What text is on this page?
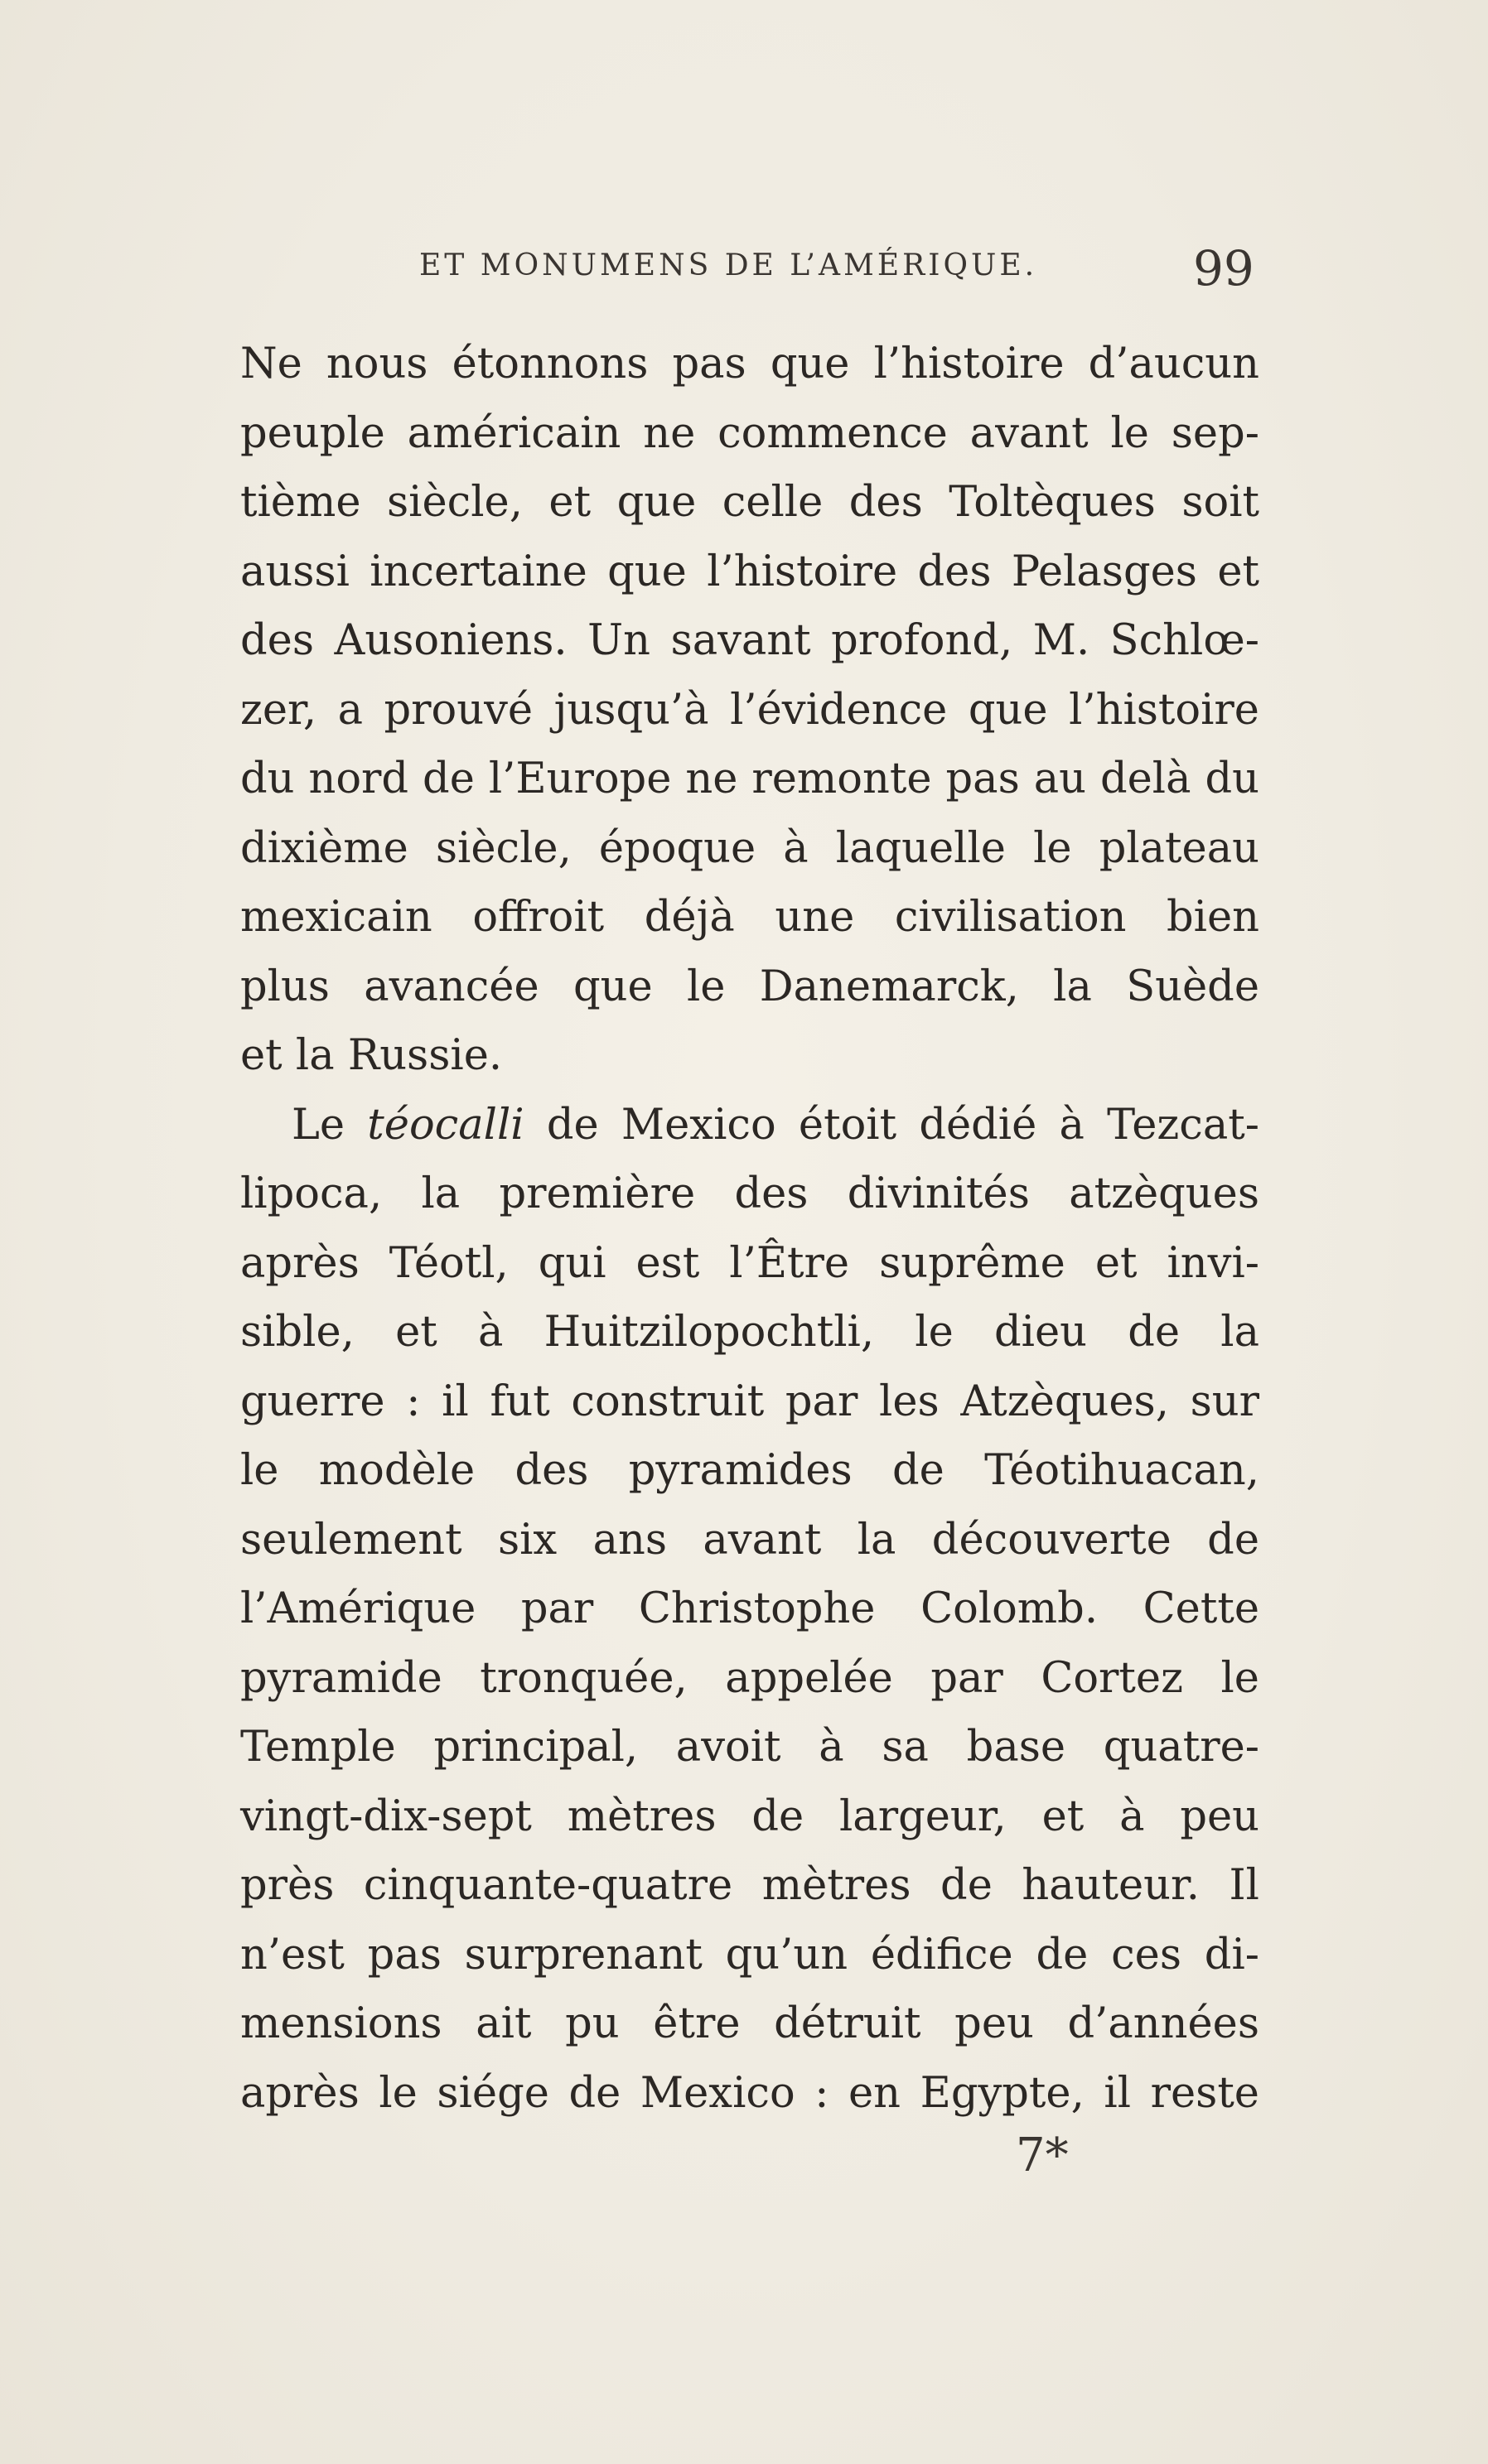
ET MONUMENS DE L’AMÉRIQUE.	99
Ne nous étonnons pas que l’histoire d’aucun
peuple américain ne commence avant le sep-
tième siècle, et que celle des Toltèques soit
aussi incertaine que l’histoire des Pelasges et
des Ausoniens. Un savant profond, M. Schlœ-
zer, a prouvé jusqu’à l’évidence que l’histoire
du nord de l’Europe ne remonte pas au delà du
dixième siècle, époque à laquelle le plateau
mexicain offroit déjà une civilisation bien
plus avancée que le Danemarck, la Suède
et la Russie.
Le téocalli de Mexico étoit dédié à Tezcat-
lipoca, la première des divinités atzèques
après Téotl, qui est l’Être suprême et invi-
sible, et à Huitzilopochtli, le dieu de la
guerre : il fut construit par les Atzèques, sur
le modèle des pyramides de Téotihuacan,
seulement six ans avant la découverte de
l’Amérique par Christophe Colomb. Cette
pyramide tronquée, appelée par Cortez le
Temple principal, avoit à sa base quatre-
vingt-dix-sept mètres de largeur, et à peu
près cinquante-quatre mètres de hauteur. Il
n’est pas surprenant qu’un édifice de ces di-
mensions ait pu être détruit peu d’années
après le siége de Mexico : en Egypte, il reste
7*
